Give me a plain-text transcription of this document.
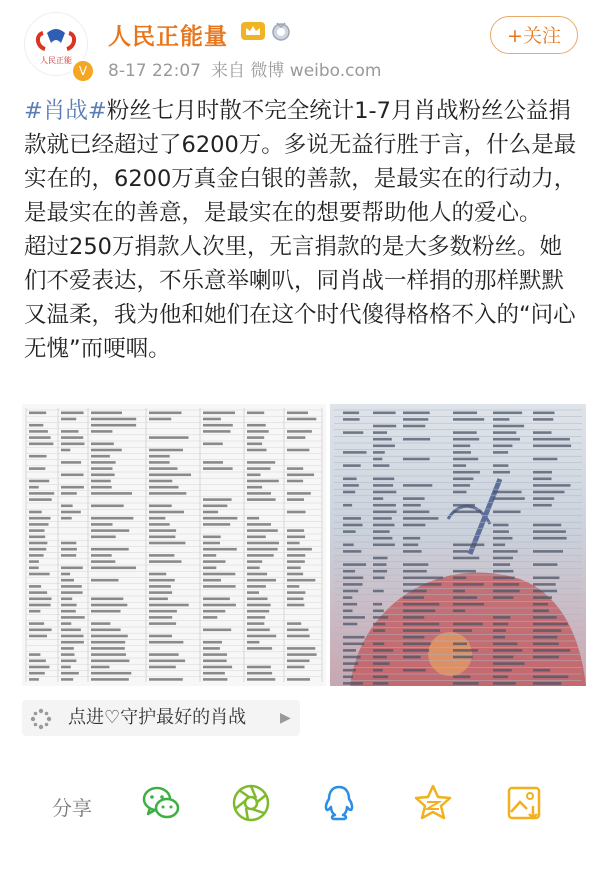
人民正能
V
人民正能量
8-17 22:07 来自 微博 weibo.com
+关注

#肖战#粉丝七月时散不完全统计1-7月肖战粉丝公益捐款就已经超过了6200万。多说无益行胜于言，什么是最实在的，6200万真金白银的善款，是最实在的行动力，是最实在的善意，是最实在的想要帮助他人的爱心。

超过250万捐款人次里，无言捐款的是大多数粉丝。她们不爱表达，不乐意举喇叭，同肖战一样捐的那样默默又温柔，我为他和她们在这个时代傻得格格不入的“问心无愧”而哽咽。

点进♡守护最好的肖战 ▶
分享
